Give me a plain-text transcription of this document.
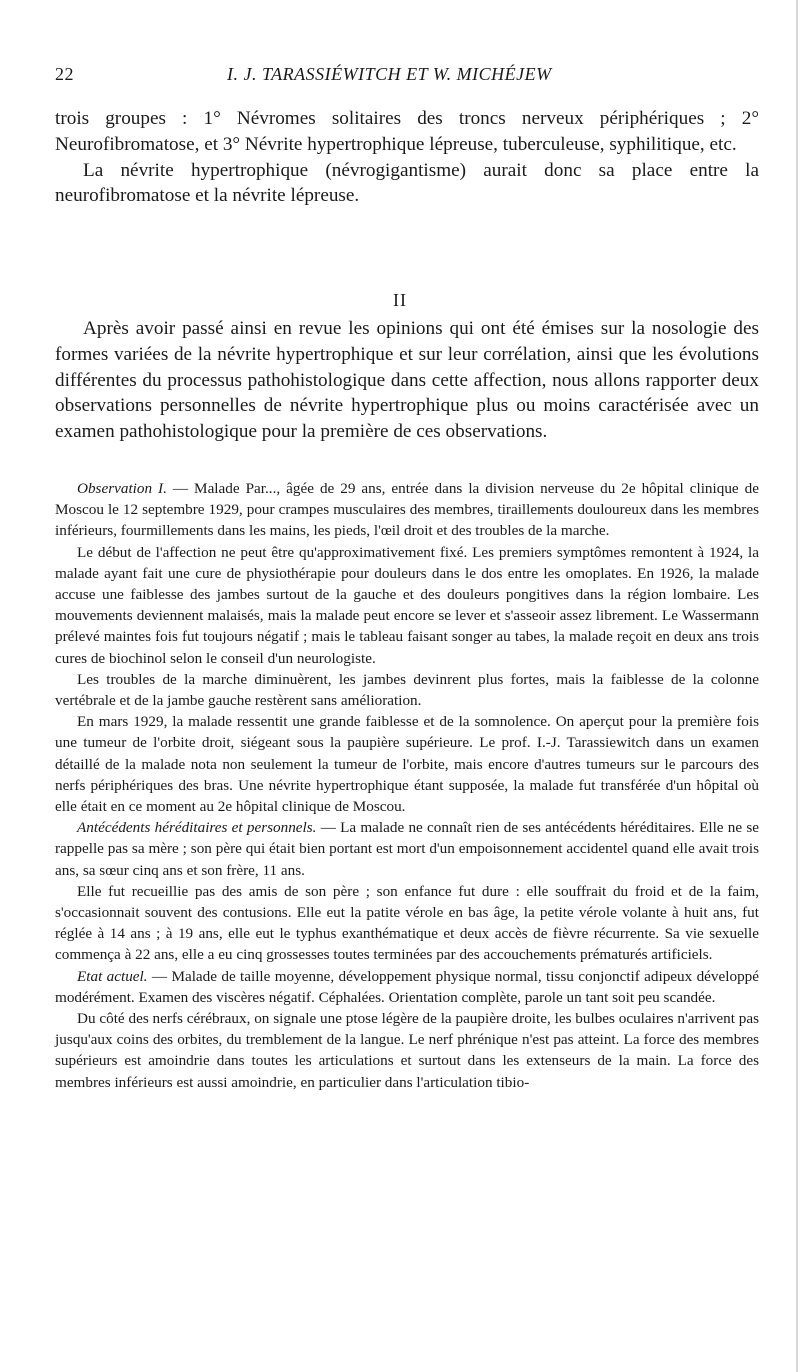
22	I. J. TARASSIÉWITCH ET W. MICHÉJEW

trois groupes : 1° Névromes solitaires des troncs nerveux périphériques ; 2° Neurofibromatose, et 3° Névrite hypertrophique lépreuse, tuberculeuse, syphilitique, etc.

La névrite hypertrophique (névrogigantisme) aurait donc sa place entre la neurofibromatose et la névrite lépreuse.

II

Après avoir passé ainsi en revue les opinions qui ont été émises sur la nosologie des formes variées de la névrite hypertrophique et sur leur corrélation, ainsi que les évolutions différentes du processus pathohistologique dans cette affection, nous allons rapporter deux observations personnelles de névrite hypertrophique plus ou moins caractérisée avec un examen pathohistologique pour la première de ces observations.

Observation I. — Malade Par..., âgée de 29 ans, entrée dans la division nerveuse du 2e hôpital clinique de Moscou le 12 septembre 1929, pour crampes musculaires des membres, tiraillements douloureux dans les membres inférieurs, fourmillements dans les mains, les pieds, l'œil droit et des troubles de la marche.

Le début de l'affection ne peut être qu'approximativement fixé. Les premiers symptômes remontent à 1924, la malade ayant fait une cure de physiothérapie pour douleurs dans le dos entre les omoplates. En 1926, la malade accuse une faiblesse des jambes surtout de la gauche et des douleurs pongitives dans la région lombaire. Les mouvements deviennent malaisés, mais la malade peut encore se lever et s'asseoir assez librement. Le Wassermann prélevé maintes fois fut toujours négatif ; mais le tableau faisant songer au tabes, la malade reçoit en deux ans trois cures de biochinol selon le conseil d'un neurologiste.

Les troubles de la marche diminuèrent, les jambes devinrent plus fortes, mais la faiblesse de la colonne vertébrale et de la jambe gauche restèrent sans amélioration.

En mars 1929, la malade ressentit une grande faiblesse et de la somnolence. On aperçut pour la première fois une tumeur de l'orbite droit, siégeant sous la paupière supérieure. Le prof. I.-J. Tarassiewitch dans un examen détaillé de la malade nota non seulement la tumeur de l'orbite, mais encore d'autres tumeurs sur le parcours des nerfs périphériques des bras. Une névrite hypertrophique étant supposée, la malade fut transférée d'un hôpital où elle était en ce moment au 2e hôpital clinique de Moscou.

Antécédents héréditaires et personnels. — La malade ne connaît rien de ses antécédents héréditaires. Elle ne se rappelle pas sa mère ; son père qui était bien portant est mort d'un empoisonnement accidentel quand elle avait trois ans, sa sœur cinq ans et son frère, 11 ans.

Elle fut recueillie pas des amis de son père ; son enfance fut dure : elle souffrait du froid et de la faim, s'occasionnait souvent des contusions. Elle eut la patite vérole en bas âge, la petite vérole volante à huit ans, fut réglée à 14 ans ; à 19 ans, elle eut le typhus exanthématique et deux accès de fièvre récurrente. Sa vie sexuelle commença à 22 ans, elle a eu cinq grossesses toutes terminées par des accouchements prématurés artificiels.

Etat actuel. — Malade de taille moyenne, développement physique normal, tissu conjonctif adipeux développé modérément. Examen des viscères négatif. Céphalées. Orientation complète, parole un tant soit peu scandée.

Du côté des nerfs cérébraux, on signale une ptose légère de la paupière droite, les bulbes oculaires n'arrivent pas jusqu'aux coins des orbites, du tremblement de la langue. Le nerf phrénique n'est pas atteint. La force des membres supérieurs est amoindrie dans toutes les articulations et surtout dans les extenseurs de la main. La force des membres inférieurs est aussi amoindrie, en particulier dans l'articulation tibio-
